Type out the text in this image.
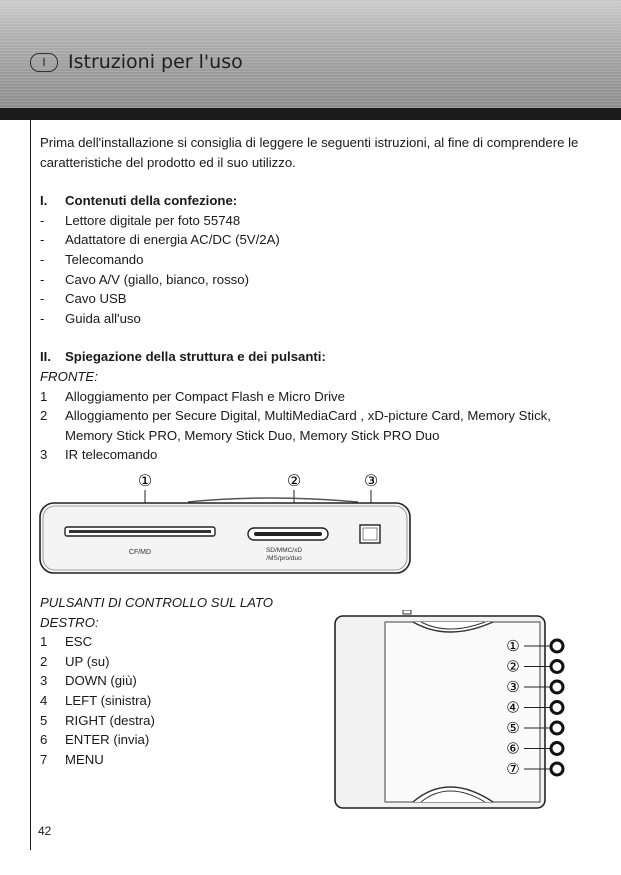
I	Istruzioni per l'uso

Prima dell'installazione si consiglia di leggere le seguenti istruzioni, al fine di comprendere le caratteristiche del prodotto ed il suo utilizzo.

I.	Contenuti della confezione:
-	Lettore digitale per foto 55748
-	Adattatore di energia AC/DC (5V/2A)
-	Telecomando
-	Cavo A/V (giallo, bianco, rosso)
-	Cavo USB
-	Guida all'uso
II.	Spiegazione della struttura e dei pulsanti:
FRONTE:
1	Alloggiamento per Compact Flash e Micro Drive
2	Alloggiamento per Secure Digital, MultiMediaCard , xD-picture Card, Memory Stick, Memory Stick PRO, Memory Stick Duo, Memory Stick PRO Duo
3	IR telecomando
①	②	③
CF/MD	SD/MMC/xD
/MS/pro/duo
PULSANTI DI CONTROLLO SUL LATO DESTRO:
1	ESC
2	UP (su)
3	DOWN (giù)
4	LEFT (sinistra)
5	RIGHT (destra)
6	ENTER (invia)
7	MENU
①
②
③
④
⑤
⑥
⑦
42
